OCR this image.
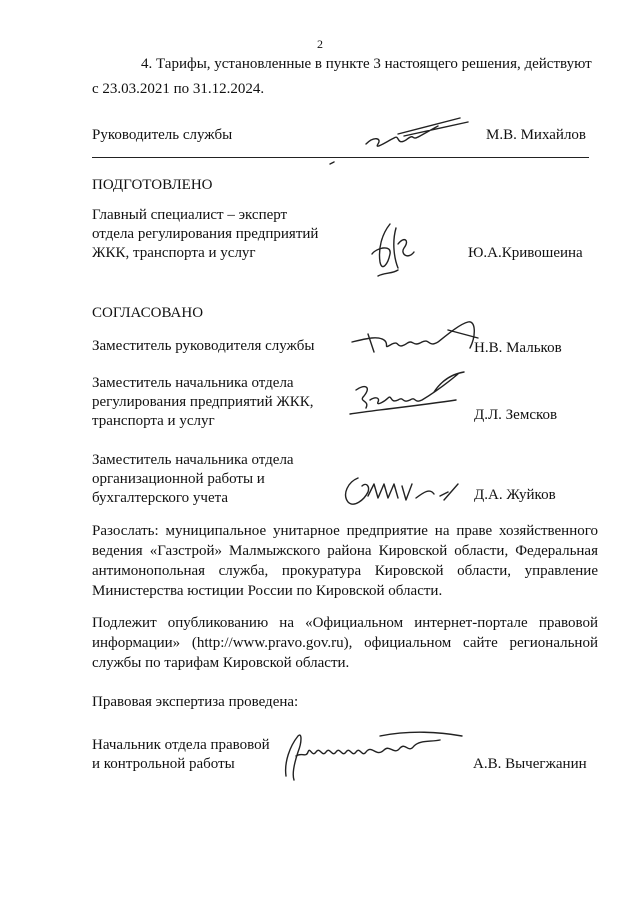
2
4. Тарифы, установленные в пункте 3 настоящего решения, действуют
с 23.03.2021 по 31.12.2024.
Руководитель службы	М.В. Михайлов
ПОДГОТОВЛЕНО
Главный специалист – эксперт
отдела регулирования предприятий
ЖКК, транспорта и услуг	Ю.А.Кривошеина
СОГЛАСОВАНО
Заместитель руководителя службы	Н.В. Мальков
Заместитель начальника отдела
регулирования предприятий ЖКК,
транспорта и услуг	Д.Л. Земсков
Заместитель начальника отдела
организационной работы и
бухгалтерского учета	Д.А. Жуйков
Разослать: муниципальное унитарное предприятие на праве хозяйственного ведения «Газстрой» Малмыжского района Кировской области, Федеральная антимонопольная служба, прокуратура Кировской области, управление Министерства юстиции России по Кировской области.
Подлежит опубликованию на «Официальном интернет-портале правовой информации» (http://www.pravo.gov.ru), официальном сайте региональной службы по тарифам Кировской области.
Правовая экспертиза проведена:
Начальник отдела правовой
и контрольной работы	А.В. Вычегжанин
